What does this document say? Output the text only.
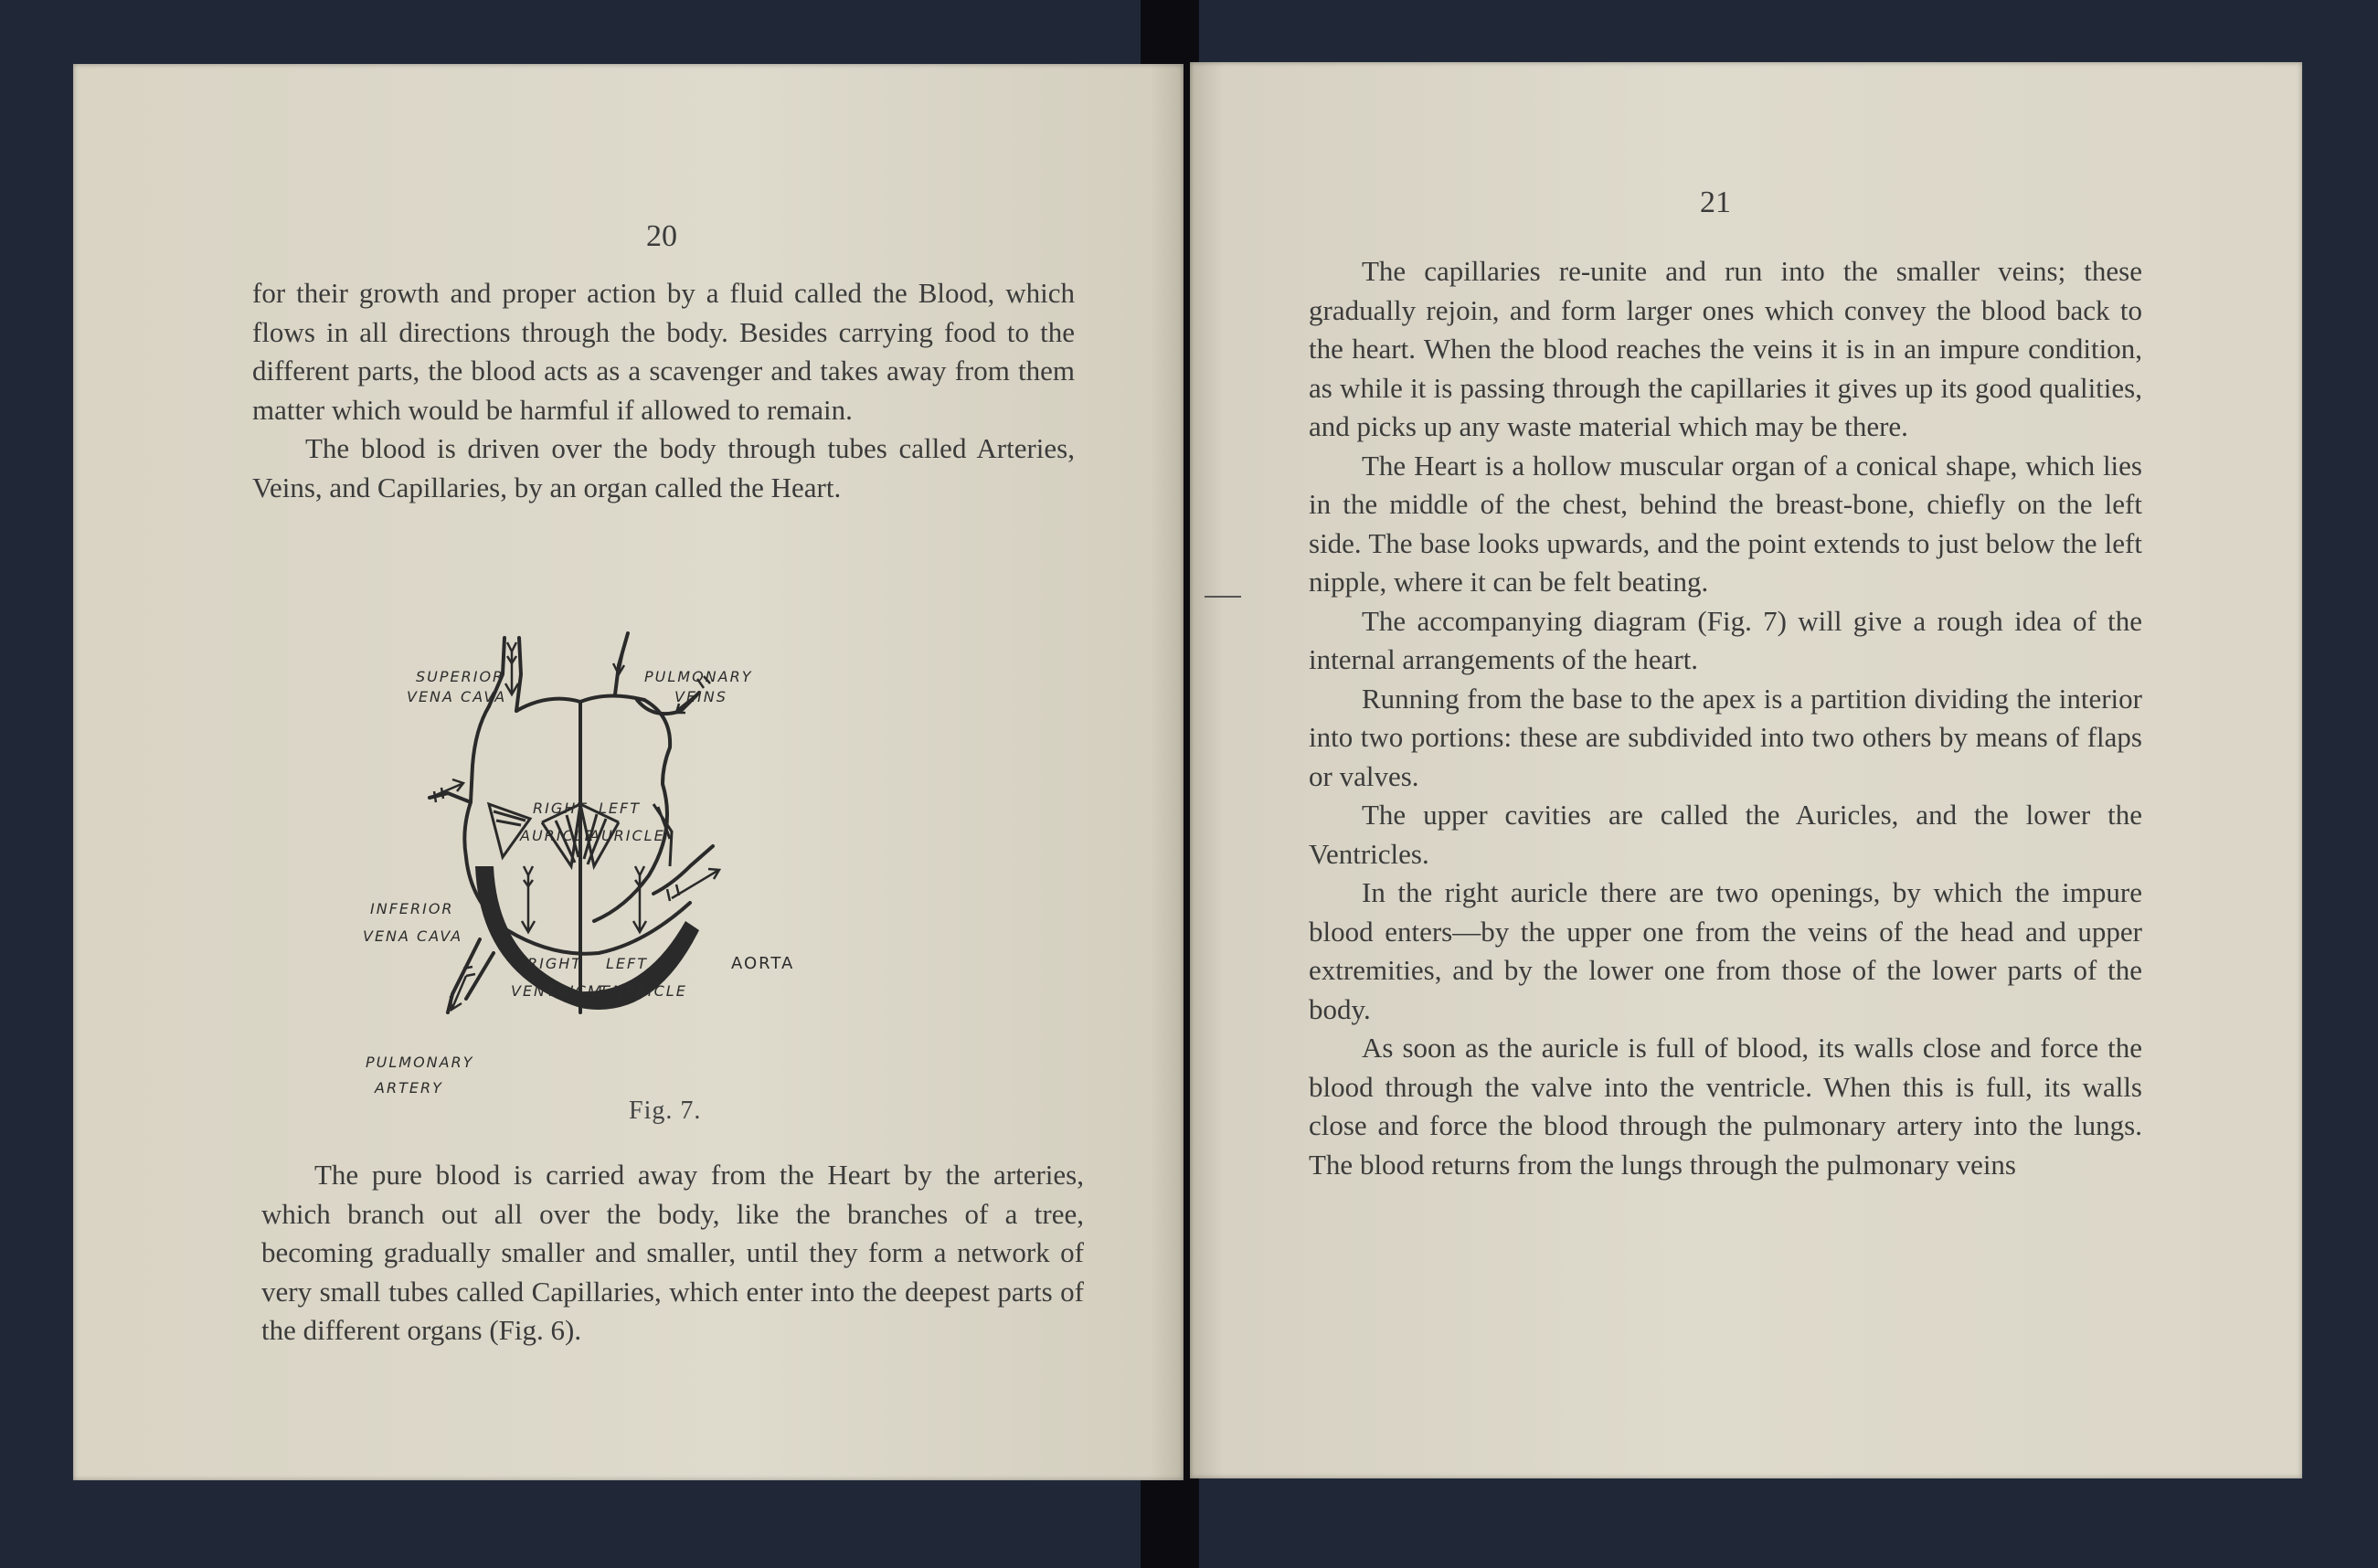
20

for their growth and proper action by a fluid called the Blood, which flows in all directions through the body. Besides carrying food to the different parts, the blood acts as a scavenger and takes away from them matter which would be harmful if allowed to remain.

The blood is driven over the body through tubes called Arteries, Veins, and Capillaries, by an organ called the Heart.

SUPERIOR
VENA CAVA
PULMONARY
VEINS
RIGHT
AURICLE
LEFT
AURICLE
INFERIOR
VENA CAVA
RIGHT
VENTRICLE
LEFT
VENTRICLE
AORTA
PULMONARY
ARTERY
Fig. 7.

The pure blood is carried away from the Heart by the arteries, which branch out all over the body, like the branches of a tree, becoming gradually smaller and smaller, until they form a network of very small tubes called Capillaries, which enter into the deepest parts of the different organs (Fig. 6).

21

The capillaries re-unite and run into the smaller veins; these gradually rejoin, and form larger ones which convey the blood back to the heart. When the blood reaches the veins it is in an impure condition, as while it is passing through the capillaries it gives up its good qualities, and picks up any waste material which may be there.

The Heart is a hollow muscular organ of a conical shape, which lies in the middle of the chest, behind the breast-bone, chiefly on the left side. The base looks upwards, and the point extends to just below the left nipple, where it can be felt beating.

The accompanying diagram (Fig. 7) will give a rough idea of the internal arrangements of the heart.

Running from the base to the apex is a partition dividing the interior into two portions: these are subdivided into two others by means of flaps or valves.

The upper cavities are called the Auricles, and the lower the Ventricles.

In the right auricle there are two openings, by which the impure blood enters—by the upper one from the veins of the head and upper extremities, and by the lower one from those of the lower parts of the body.

As soon as the auricle is full of blood, its walls close and force the blood through the valve into the ventricle. When this is full, its walls close and force the blood through the pulmonary artery into the lungs. The blood returns from the lungs through the pulmonary veins
